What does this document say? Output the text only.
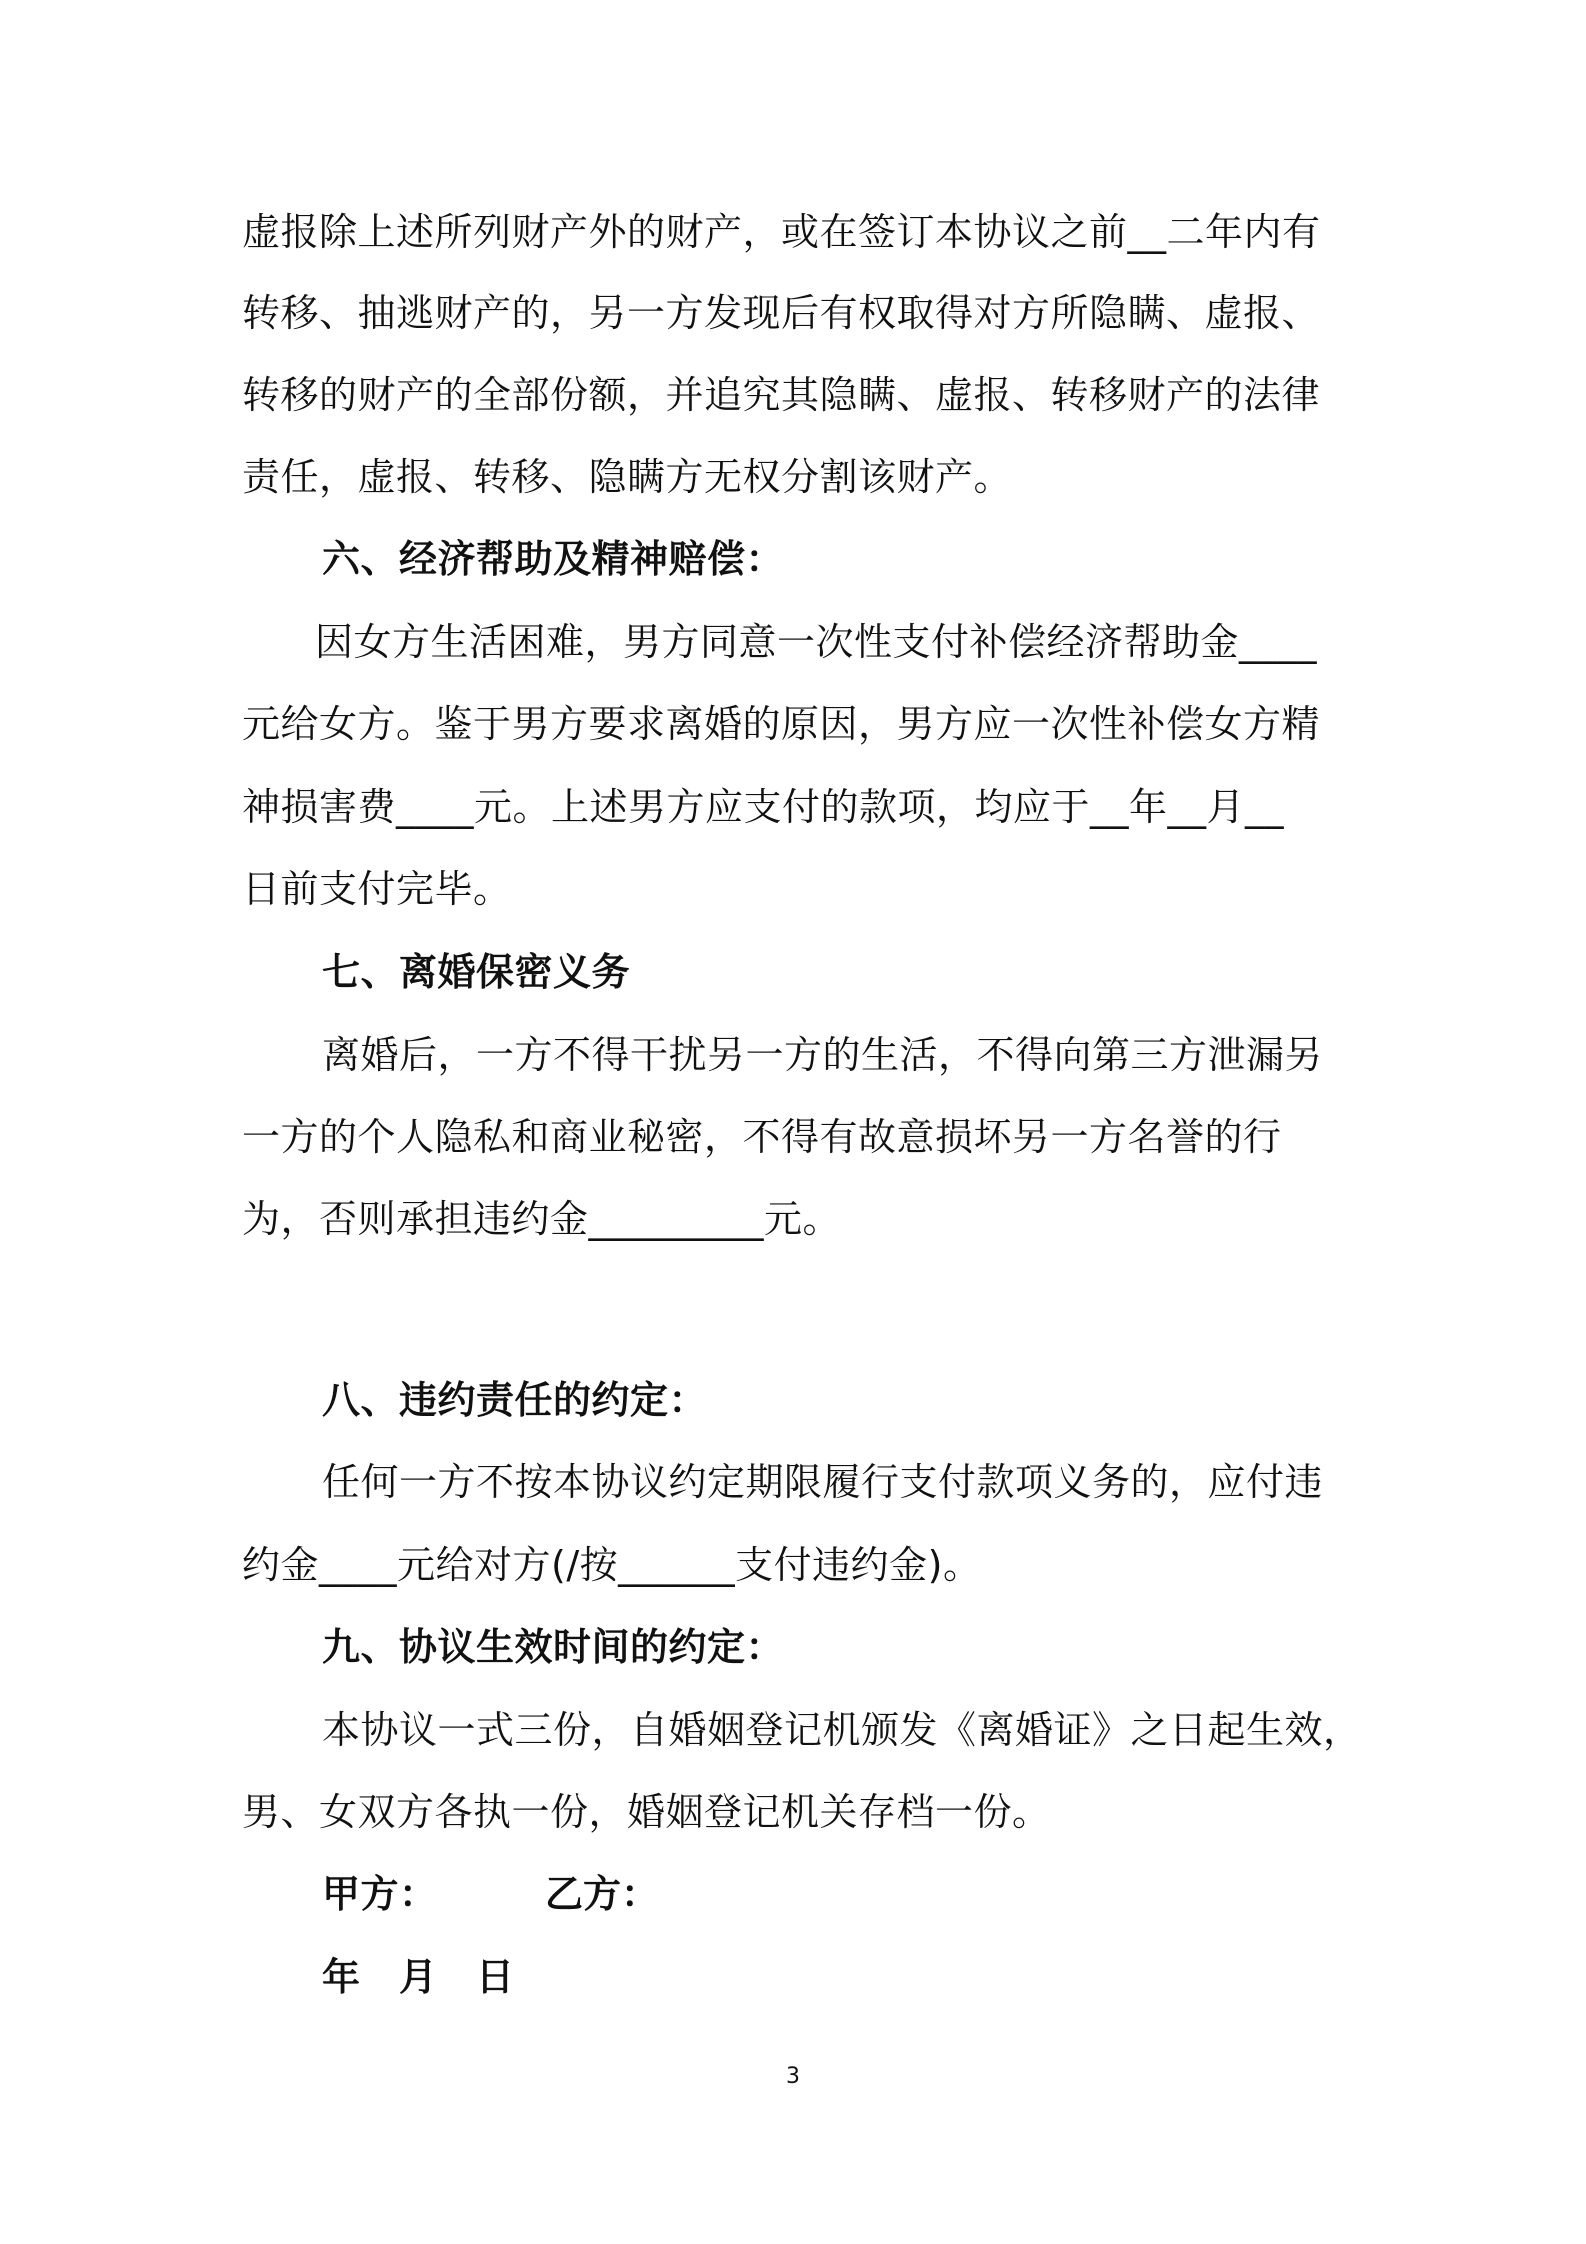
虚报除上述所列财产外的财产，或在签订本协议之前__二年内有
转移、抽逃财产的，另一方发现后有权取得对方所隐瞒、虚报、
转移的财产的全部份额，并追究其隐瞒、虚报、转移财产的法律
责任，虚报、转移、隐瞒方无权分割该财产。
六、经济帮助及精神赔偿：
因女方生活困难，男方同意一次性支付补偿经济帮助金____
元给女方。鉴于男方要求离婚的原因，男方应一次性补偿女方精
神损害费____元。上述男方应支付的款项，均应于__年__月__
日前支付完毕。
七、离婚保密义务
离婚后，一方不得干扰另一方的生活，不得向第三方泄漏另
一方的个人隐私和商业秘密，不得有故意损坏另一方名誉的行
为，否则承担违约金_________元。
八、违约责任的约定：
任何一方不按本协议约定期限履行支付款项义务的，应付违
约金____元给对方(/按______支付违约金)。
九、协议生效时间的约定：
本协议一式三份，自婚姻登记机颁发《离婚证》之日起生效，
男、女双方各执一份，婚姻登记机关存档一份。
甲方：	乙方：
年　月　日
3
